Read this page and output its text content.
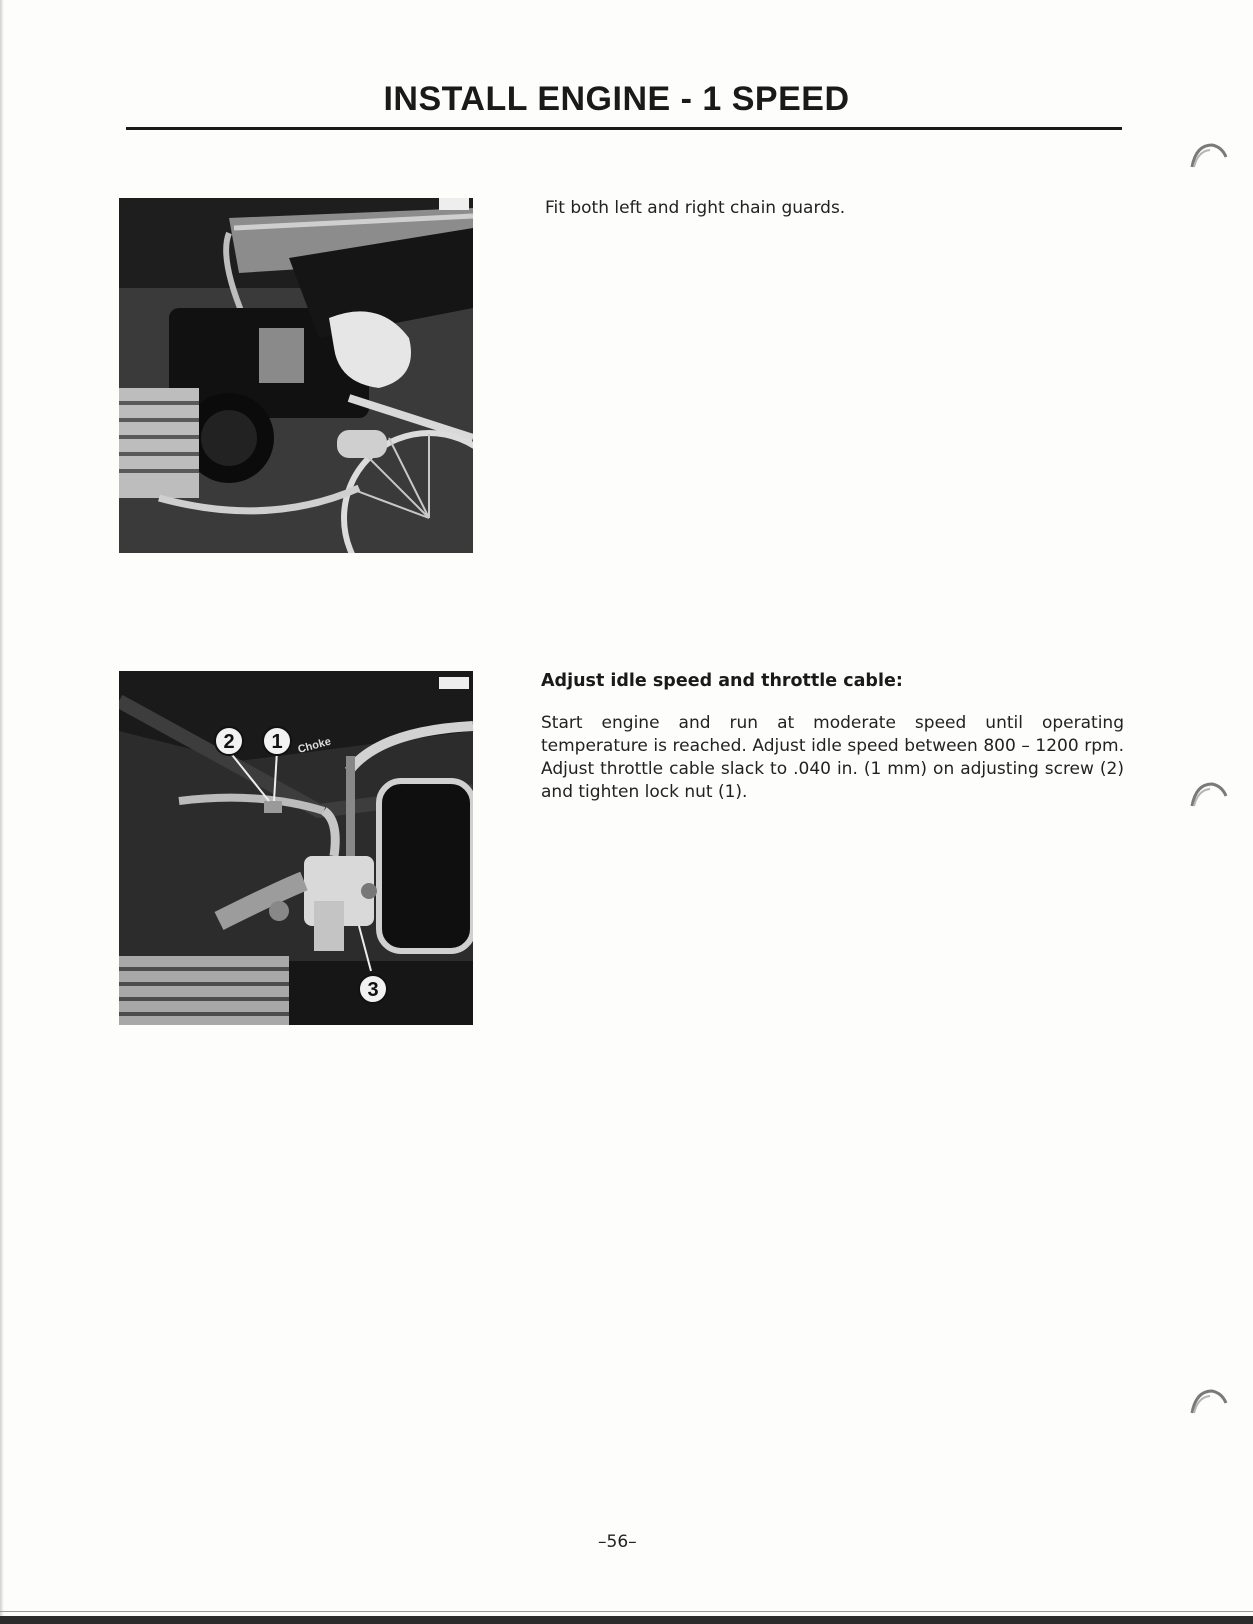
INSTALL ENGINE - 1 SPEED
Fit both left and right chain guards.
2 1
3
Choke
Adjust idle speed and throttle cable:
Start engine and run at moderate speed until operating temperature is reached. Adjust idle speed between 800 – 1200 rpm. Adjust throttle cable slack to .040 in. (1 mm) on adjusting screw (2) and tighten lock nut (1).
–56–
